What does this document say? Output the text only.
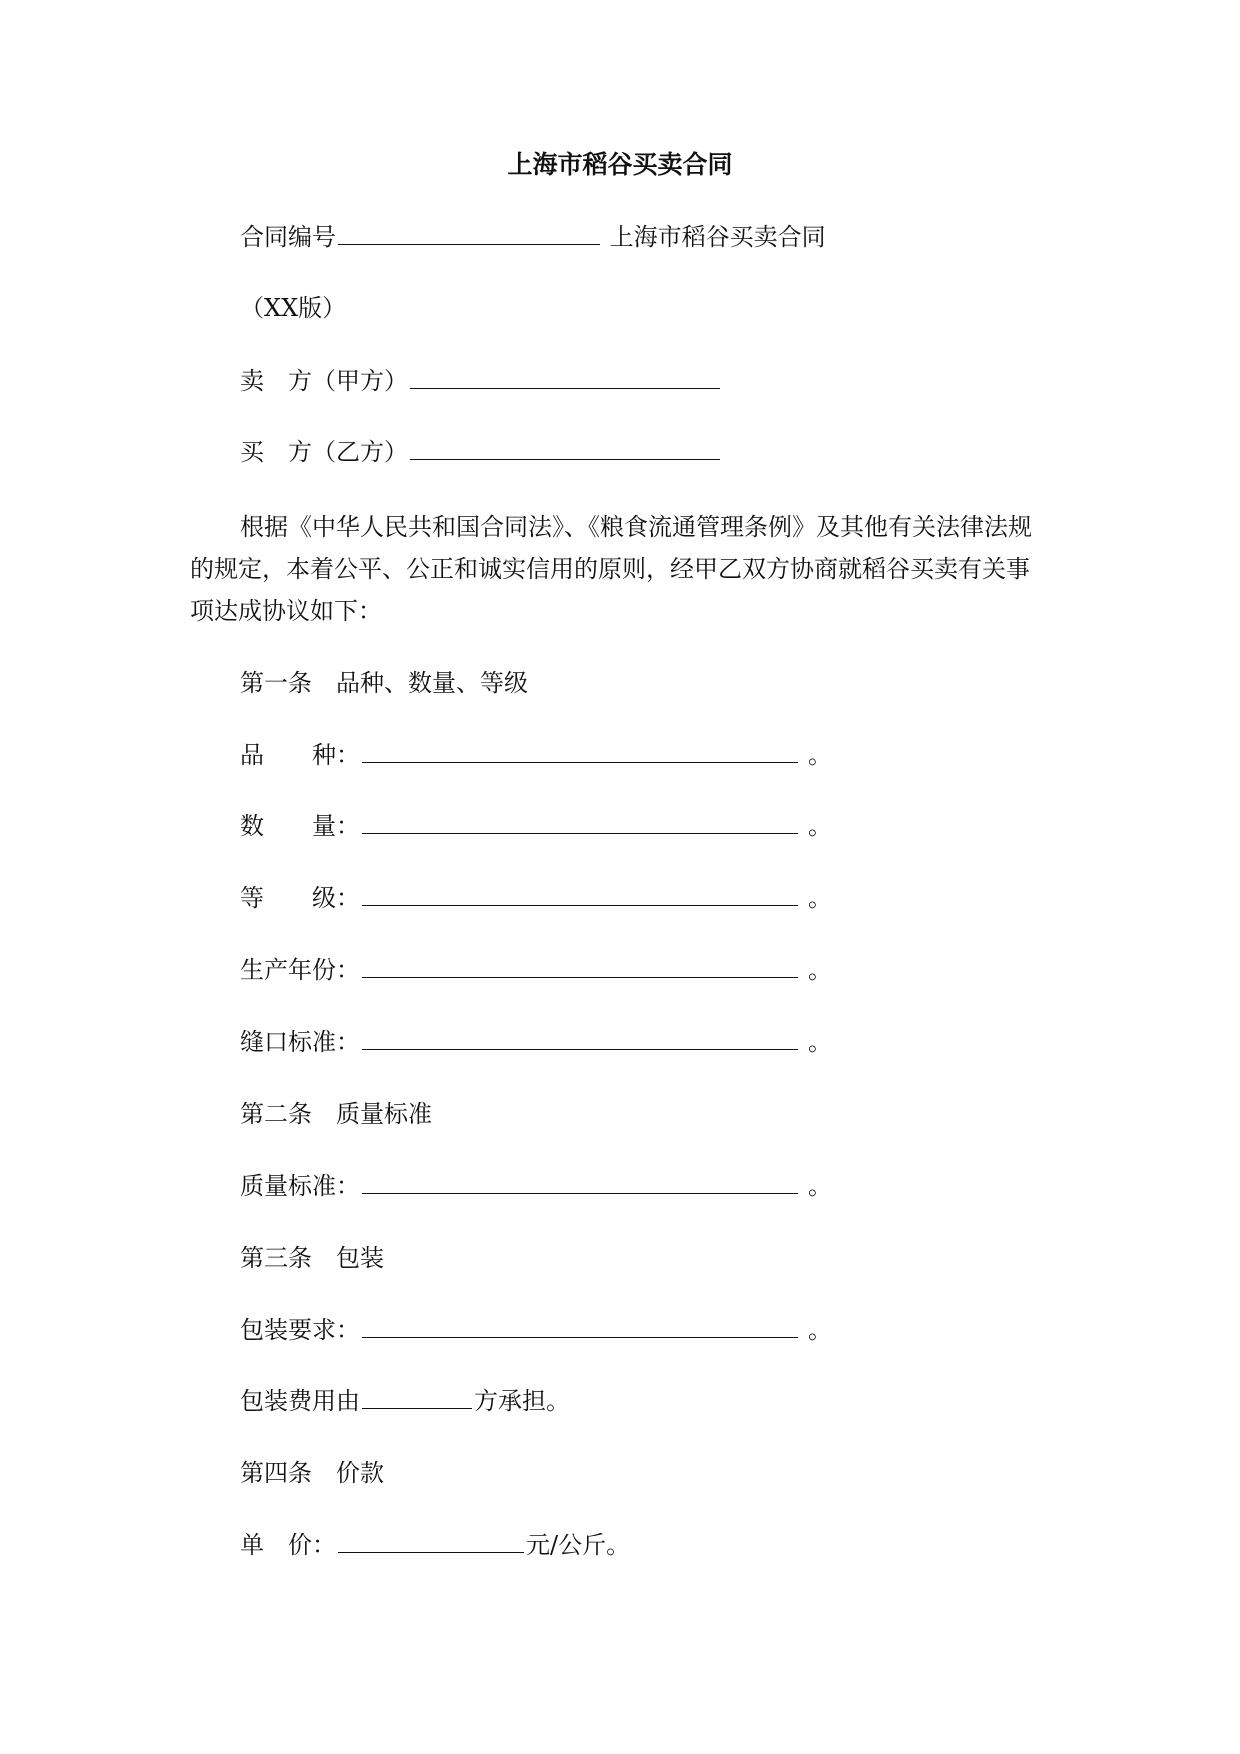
上海市稻谷买卖合同
合同编号	上海市稻谷买卖合同
（XX版）
卖　方（甲方）
买　方（乙方）
根据《中华人民共和国合同法》、《粮食流通管理条例》及其他有关法律法规的规定，本着公平、公正和诚实信用的原则，经甲乙双方协商就稻谷买卖有关事项达成协议如下：
第一条　品种、数量、等级
品　　种：	。
数　　量：	。
等　　级：	。
生产年份：	。
缝口标准：	。
第二条　质量标准
质量标准：	。
第三条　包装
包装要求：	。
包装费用由	方承担。
第四条　价款
单　价：	元/公斤。
